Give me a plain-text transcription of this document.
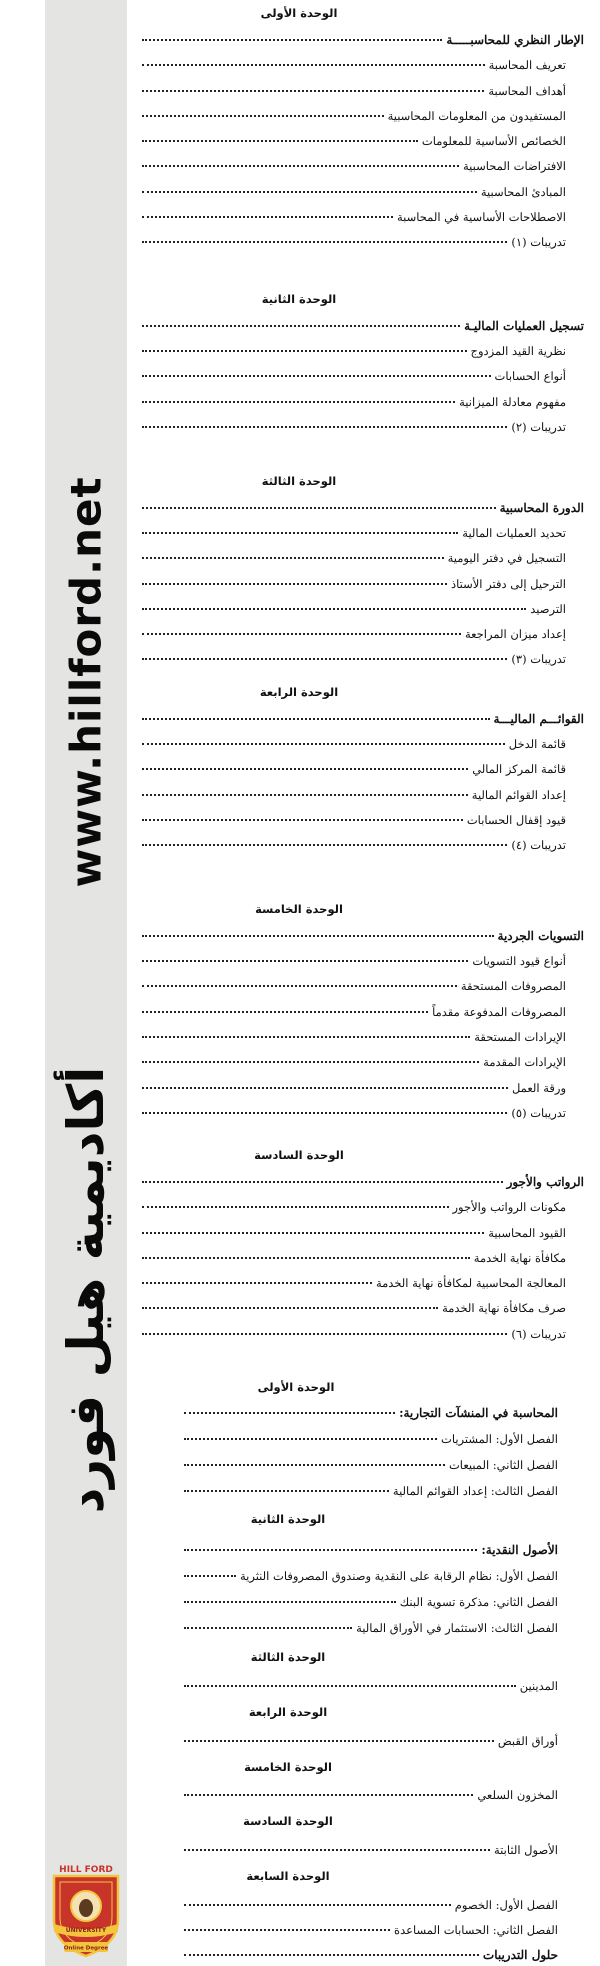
www.hillford.net
أكاديمية هيل فورد
HILL FORD
UNIVERSITY
Online Degree
الوحدة الأولى
الإطار النظري للمحاسبـــــة
تعريف المحاسبة
أهداف المحاسبة
المستفيدون من المعلومات المحاسبية
الخصائص الأساسية للمعلومات
الافتراضات المحاسبية
المبادئ المحاسبية
الاصطلاحات الأساسية في المحاسبة
تدريبات (١)
الوحدة الثانية
تسجيل العمليات الماليـة
نظرية القيد المزدوج
أنواع الحسابات
مفهوم معادلة الميزانية
تدريبات (٢)
الوحدة الثالثة
الدورة المحاسبية
تحديد العمليات المالية
التسجيل في دفتر اليومية
الترحيل إلى دفتر الأستاذ
الترصيد
إعداد ميزان المراجعة
تدريبات (٣)
الوحدة الرابعة
القوائـــم الماليـــة
قائمة الدخل
قائمة المركز المالي
إعداد القوائم المالية
قيود إقفال الحسابات
تدريبات (٤)
الوحدة الخامسة
التسويات الجردية
أنواع قيود التسويات
المصروفات المستحقة
المصروفات المدفوعة مقدماً
الإيرادات المستحقة
الإيرادات المقدمة
ورقة العمل
تدريبات (٥)
الوحدة السادسة
الرواتب والأجور
مكونات الرواتب والأجور
القيود المحاسبية
مكافأة نهاية الخدمة
المعالجة المحاسبية لمكافأة نهاية الخدمة
صرف مكافأة نهاية الخدمة
تدريبات (٦)
الوحدة الأولى
المحاسبة في المنشآت التجارية:
الفصل الأول: المشتريات
الفصل الثاني: المبيعات
الفصل الثالث: إعداد القوائم المالية
الوحدة الثانية
الأصول النقدية:
الفصل الأول: نظام الرقابة على النقدية وصندوق المصروفات النثرية
الفصل الثاني: مذكرة تسوية البنك
الفصل الثالث: الاستثمار في الأوراق المالية
الوحدة الثالثة
المدينين
الوحدة الرابعة
أوراق القبض
الوحدة الخامسة
المخزون السلعي
الوحدة السادسة
الأصول الثابتة
الوحدة السابعة
الفصل الأول: الخصوم
الفصل الثاني: الحسابات المساعدة
حلول التدريبات
